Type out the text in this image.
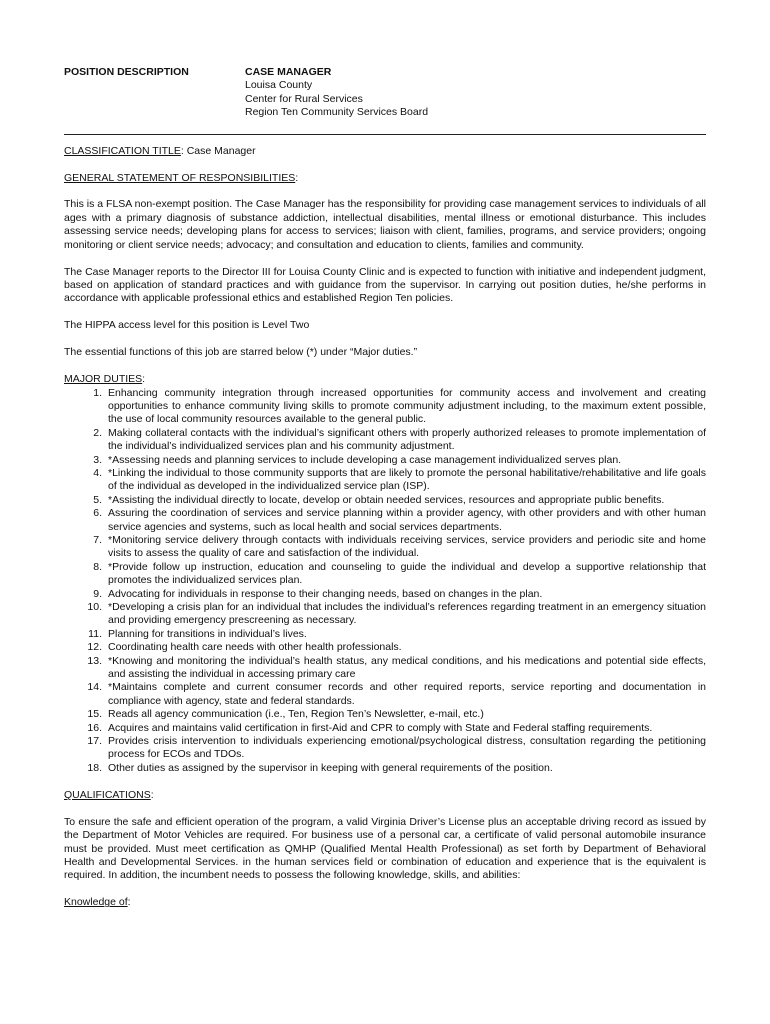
POSITION DESCRIPTION	CASE MANAGER
Louisa County
Center for Rural Services
Region Ten Community Services Board

CLASSIFICATION TITLE: Case Manager

GENERAL STATEMENT OF RESPONSIBILITIES:

This is a FLSA non-exempt position. The Case Manager has the responsibility for providing case management services to individuals of all ages with a primary diagnosis of substance addiction, intellectual disabilities, mental illness or emotional disturbance. This includes assessing service needs; developing plans for access to services; liaison with client, families, programs, and service providers; ongoing monitoring or client service needs; advocacy; and consultation and education to clients, families and community.

The Case Manager reports to the Director III for Louisa County Clinic and is expected to function with initiative and independent judgment, based on application of standard practices and with guidance from the supervisor. In carrying out position duties, he/she performs in accordance with applicable professional ethics and established Region Ten policies.

The HIPPA access level for this position is Level Two

The essential functions of this job are starred below (*) under “Major duties.”

MAJOR DUTIES:

1. Enhancing community integration through increased opportunities for community access and involvement and creating opportunities to enhance community living skills to promote community adjustment including, to the maximum extent possible, the use of local community resources available to the general public.
2. Making collateral contacts with the individual’s significant others with properly authorized releases to promote implementation of the individual’s individualized services plan and his community adjustment.
3. *Assessing needs and planning services to include developing a case management individualized serves plan.
4. *Linking the individual to those community supports that are likely to promote the personal habilitative/rehabilitative and life goals of the individual as developed in the individualized service plan (ISP).
5. *Assisting the individual directly to locate, develop or obtain needed services, resources and appropriate public benefits.
6. Assuring the coordination of services and service planning within a provider agency, with other providers and with other human service agencies and systems, such as local health and social services departments.
7. *Monitoring service delivery through contacts with individuals receiving services, service providers and periodic site and home visits to assess the quality of care and satisfaction of the individual.
8. *Provide follow up instruction, education and counseling to guide the individual and develop a supportive relationship that promotes the individualized services plan.
9. Advocating for individuals in response to their changing needs, based on changes in the plan.
10. *Developing a crisis plan for an individual that includes the individual’s references regarding treatment in an emergency situation and providing emergency prescreening as necessary.
11. Planning for transitions in individual’s lives.
12. Coordinating health care needs with other health professionals.
13. *Knowing and monitoring the individual’s health status, any medical conditions, and his medications and potential side effects, and assisting the individual in accessing primary care
14. *Maintains complete and current consumer records and other required reports, service reporting and documentation in compliance with agency, state and federal standards.
15. Reads all agency communication (i.e., Ten, Region Ten’s Newsletter, e-mail, etc.)
16. Acquires and maintains valid certification in first-Aid and CPR to comply with State and Federal staffing requirements.
17. Provides crisis intervention to individuals experiencing emotional/psychological distress, consultation regarding the petitioning process for ECOs and TDOs.
18. Other duties as assigned by the supervisor in keeping with general requirements of the position.

QUALIFICATIONS:

To ensure the safe and efficient operation of the program, a valid Virginia Driver’s License plus an acceptable driving record as issued by the Department of Motor Vehicles are required. For business use of a personal car, a certificate of valid personal automobile insurance must be provided. Must meet certification as QMHP (Qualified Mental Health Professional) as set forth by Department of Behavioral Health and Developmental Services. in the human services field or combination of education and experience that is the equivalent is required. In addition, the incumbent needs to possess the following knowledge, skills, and abilities:

Knowledge of:
